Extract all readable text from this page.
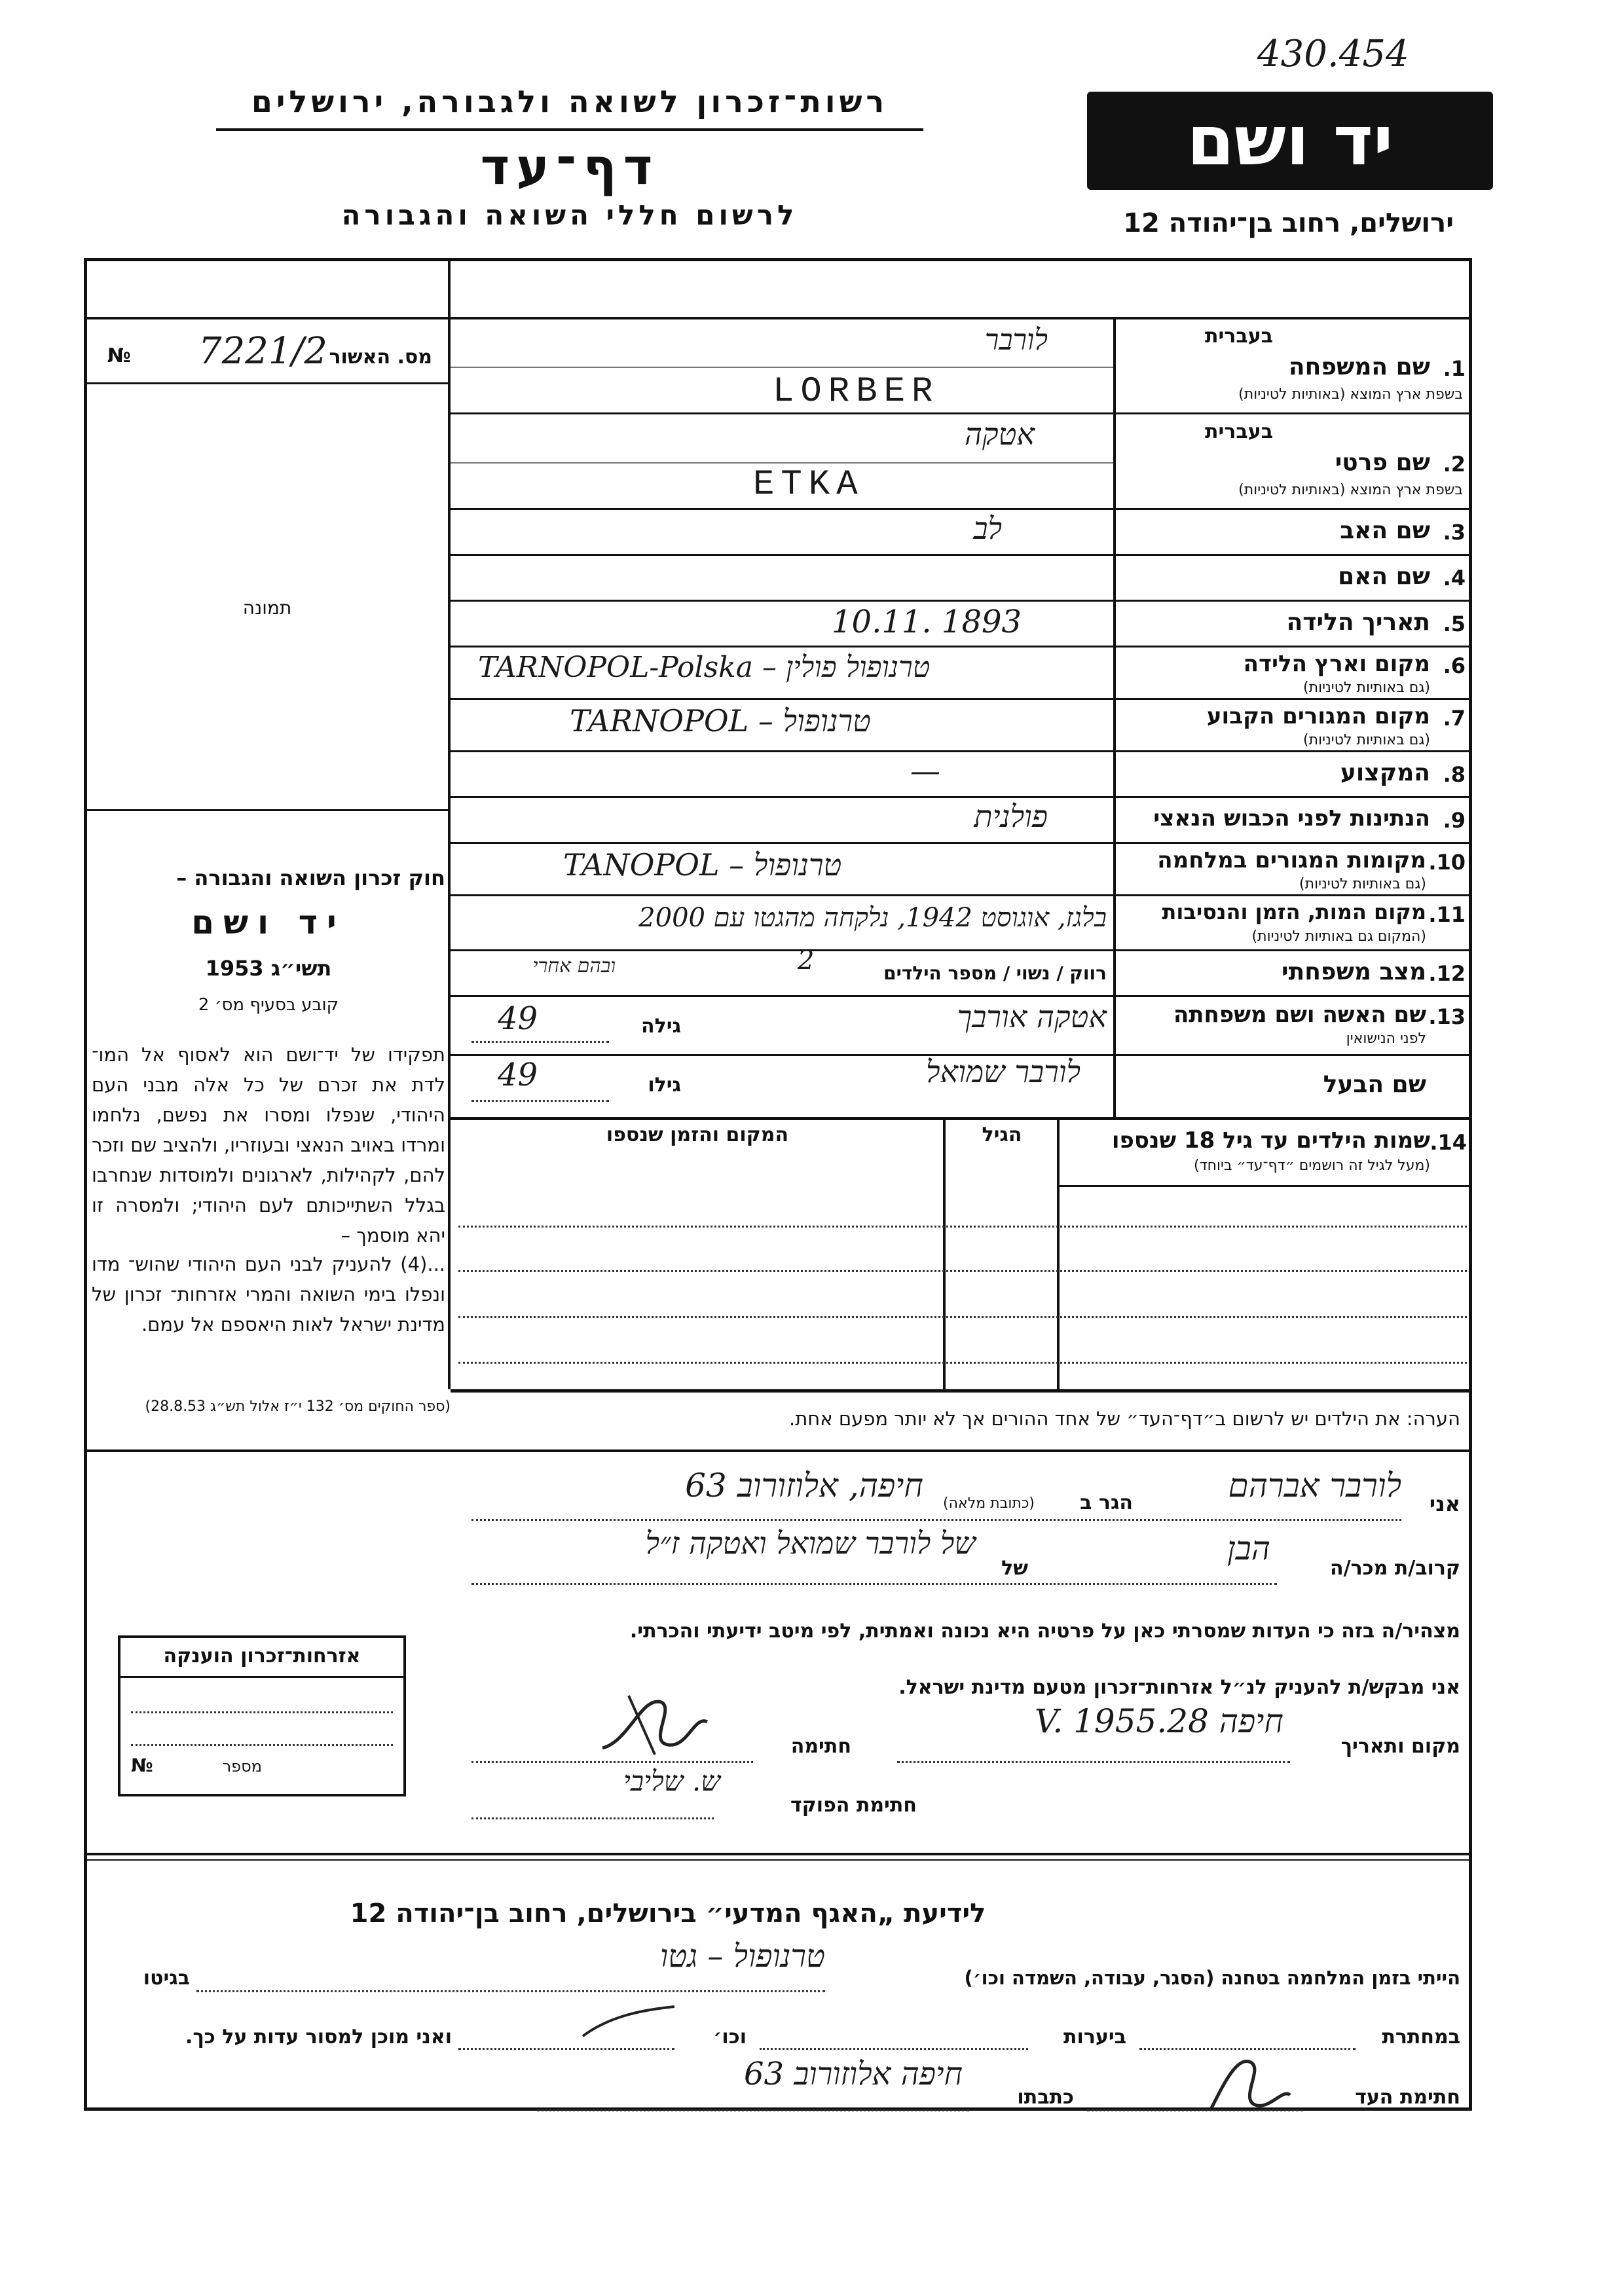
430.454
רשות־זכרון לשואה ולגבורה, ירושלים
דף־עד
לרשום חללי השואה והגבורה
יד ושם
ירושלים, רחוב בן־יהודה 12
מס. האשור
7221/2
№
תמונה
חוק זכרון השואה והגבורה –
יד ושם
תשי״ג 1953
קובע בסעיף מס׳ 2
תפקידו של יד־ושם הוא לאסוף אל המו־ לדת את זכרם של כל אלה מבני העם היהודי, שנפלו ומסרו את נפשם, נלחמו ומרדו באויב הנאצי ובעוזריו, ולהציב שם וזכר להם, לקהילות, לארגונים ולמוסדות שנחרבו בגלל השתייכותם לעם היהודי; ולמסרה זו יהא מוסמך –
...(4) להעניק לבני העם היהודי שהוש־ מדו ונפלו בימי השואה והמרי אזרחות־ זכרון של מדינת ישראל לאות היאספם אל עמם.
(ספר החוקים מס׳ 132 י״ז אלול תש״ג 28.8.53)
בעברית
1.
שם המשפחה
בשפת ארץ המוצא (באותיות לטיניות)
לורבר
LORBER
בעברית
2.
שם פרטי
בשפת ארץ המוצא (באותיות לטיניות)
אטקה
ETKA
3.
שם האב
לב
4.
שם האם
5.
תאריך הלידה
10.11. 1893
6.
מקום וארץ הלידה
(גם באותיות לטיניות)
TARNOPOL-Polska – טרנופול פולין
7.
מקום המגורים הקבוע
(גם באותיות לטיניות)
TARNOPOL – טרנופול
8.
המקצוע
—
9.
הנתינות לפני הכבוש הנאצי
פולנית
10.
מקומות המגורים במלחמה
(גם באותיות לטיניות)
TANOPOL – טרנופול
11.
מקום המות, הזמן והנסיבות
(המקום גם באותיות לטיניות)
בלגז, אוגוסט 1942, נלקחה מהגטו עם 2000
12.
מצב משפחתי
רווק / נשוי / מספר הילדים
2
ובהם אחרי
13.
שם האשה ושם משפחתה
לפני הנישואין
אטקה אורבך
גילה
49
שם הבעל
לורבר שמואל
גילו
49
14.
שמות הילדים עד גיל 18 שנספו
(מעל לגיל זה רושמים ״דף־עד״ ביוחד)
הגיל
המקום והזמן שנספו
הערה: את הילדים יש לרשום ב״דף־העד״ של אחד ההורים אך לא יותר מפעם אחת.
אני
לורבר אברהם
הגר ב
(כתובת מלאה)
חיפה, אלוזורוב 63
קרוב/ת מכר/ה
הבן
של
של לורבר שמואל ואטקה ז״ל
מצהיר/ה בזה כי העדות שמסרתי כאן על פרטיה היא נכונה ואמתית, לפי מיטב ידיעתי והכרתי.
אני מבקש/ת להעניק לנ״ל אזרחות־זכרון מטעם מדינת ישראל.
מקום ותאריך
חיפה 28.V. 1955
חתימה
חתימת הפוקד
ש. שליבי
אזרחות־זכרון הוענקה
מספר
№
לידיעת „האגף המדעי״ בירושלים, רחוב בן־יהודה 12
הייתי בזמן המלחמה בטחנה (הסגר, עבודה, השמדה וכו׳)
טרנופול – גטו
בגיטו
במחתרת
ביערות
וכו׳
ואני מוכן למסור עדות על כך.
חתימת העד
כתבתו
חיפה אלוזורוב 63
